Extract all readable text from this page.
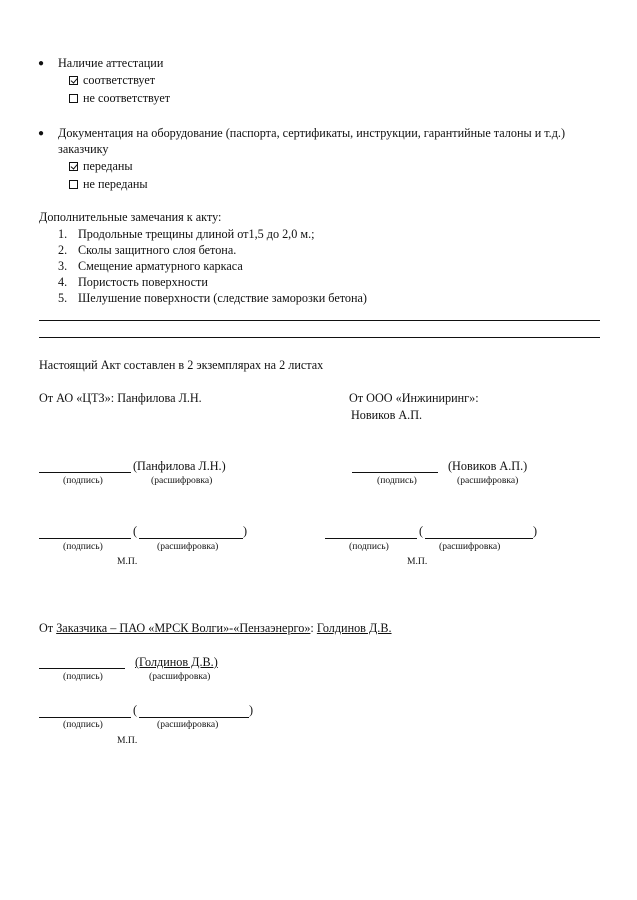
● Наличие аттестации
соответствует
не соответствует
● Документация на оборудование (паспорта, сертификаты, инструкции, гарантийные талоны и т.д.)
заказчику
переданы
не переданы
Дополнительные замечания к акту:
1. Продольные трещины длиной от1,5 до 2,0 м.;
2. Сколы защитного слоя бетона.
3. Смещение арматурного каркаса
4. Пористость поверхности
5. Шелушение поверхности (следствие заморозки бетона)
Настоящий Акт составлен в 2 экземплярах на 2 листах
От АО «ЦТЗ»: Панфилова Л.Н.	От ООО «Инжиниринг»:
Новиков А.П.
(Панфилова Л.Н.)
(подпись)	(расшифровка)
(Новиков А.П.)
(подпись)	(расшифровка)
(	)
(подпись)	(расшифровка)
М.П.
(	)
(подпись)	(расшифровка)
М.П.
От Заказчика – ПАО «МРСК Волги»-«Пензаэнерго»: Голдинов Д.В.
(Голдинов Д.В.)
(подпись)	(расшифровка)
(	)
(подпись)	(расшифровка)
М.П.
